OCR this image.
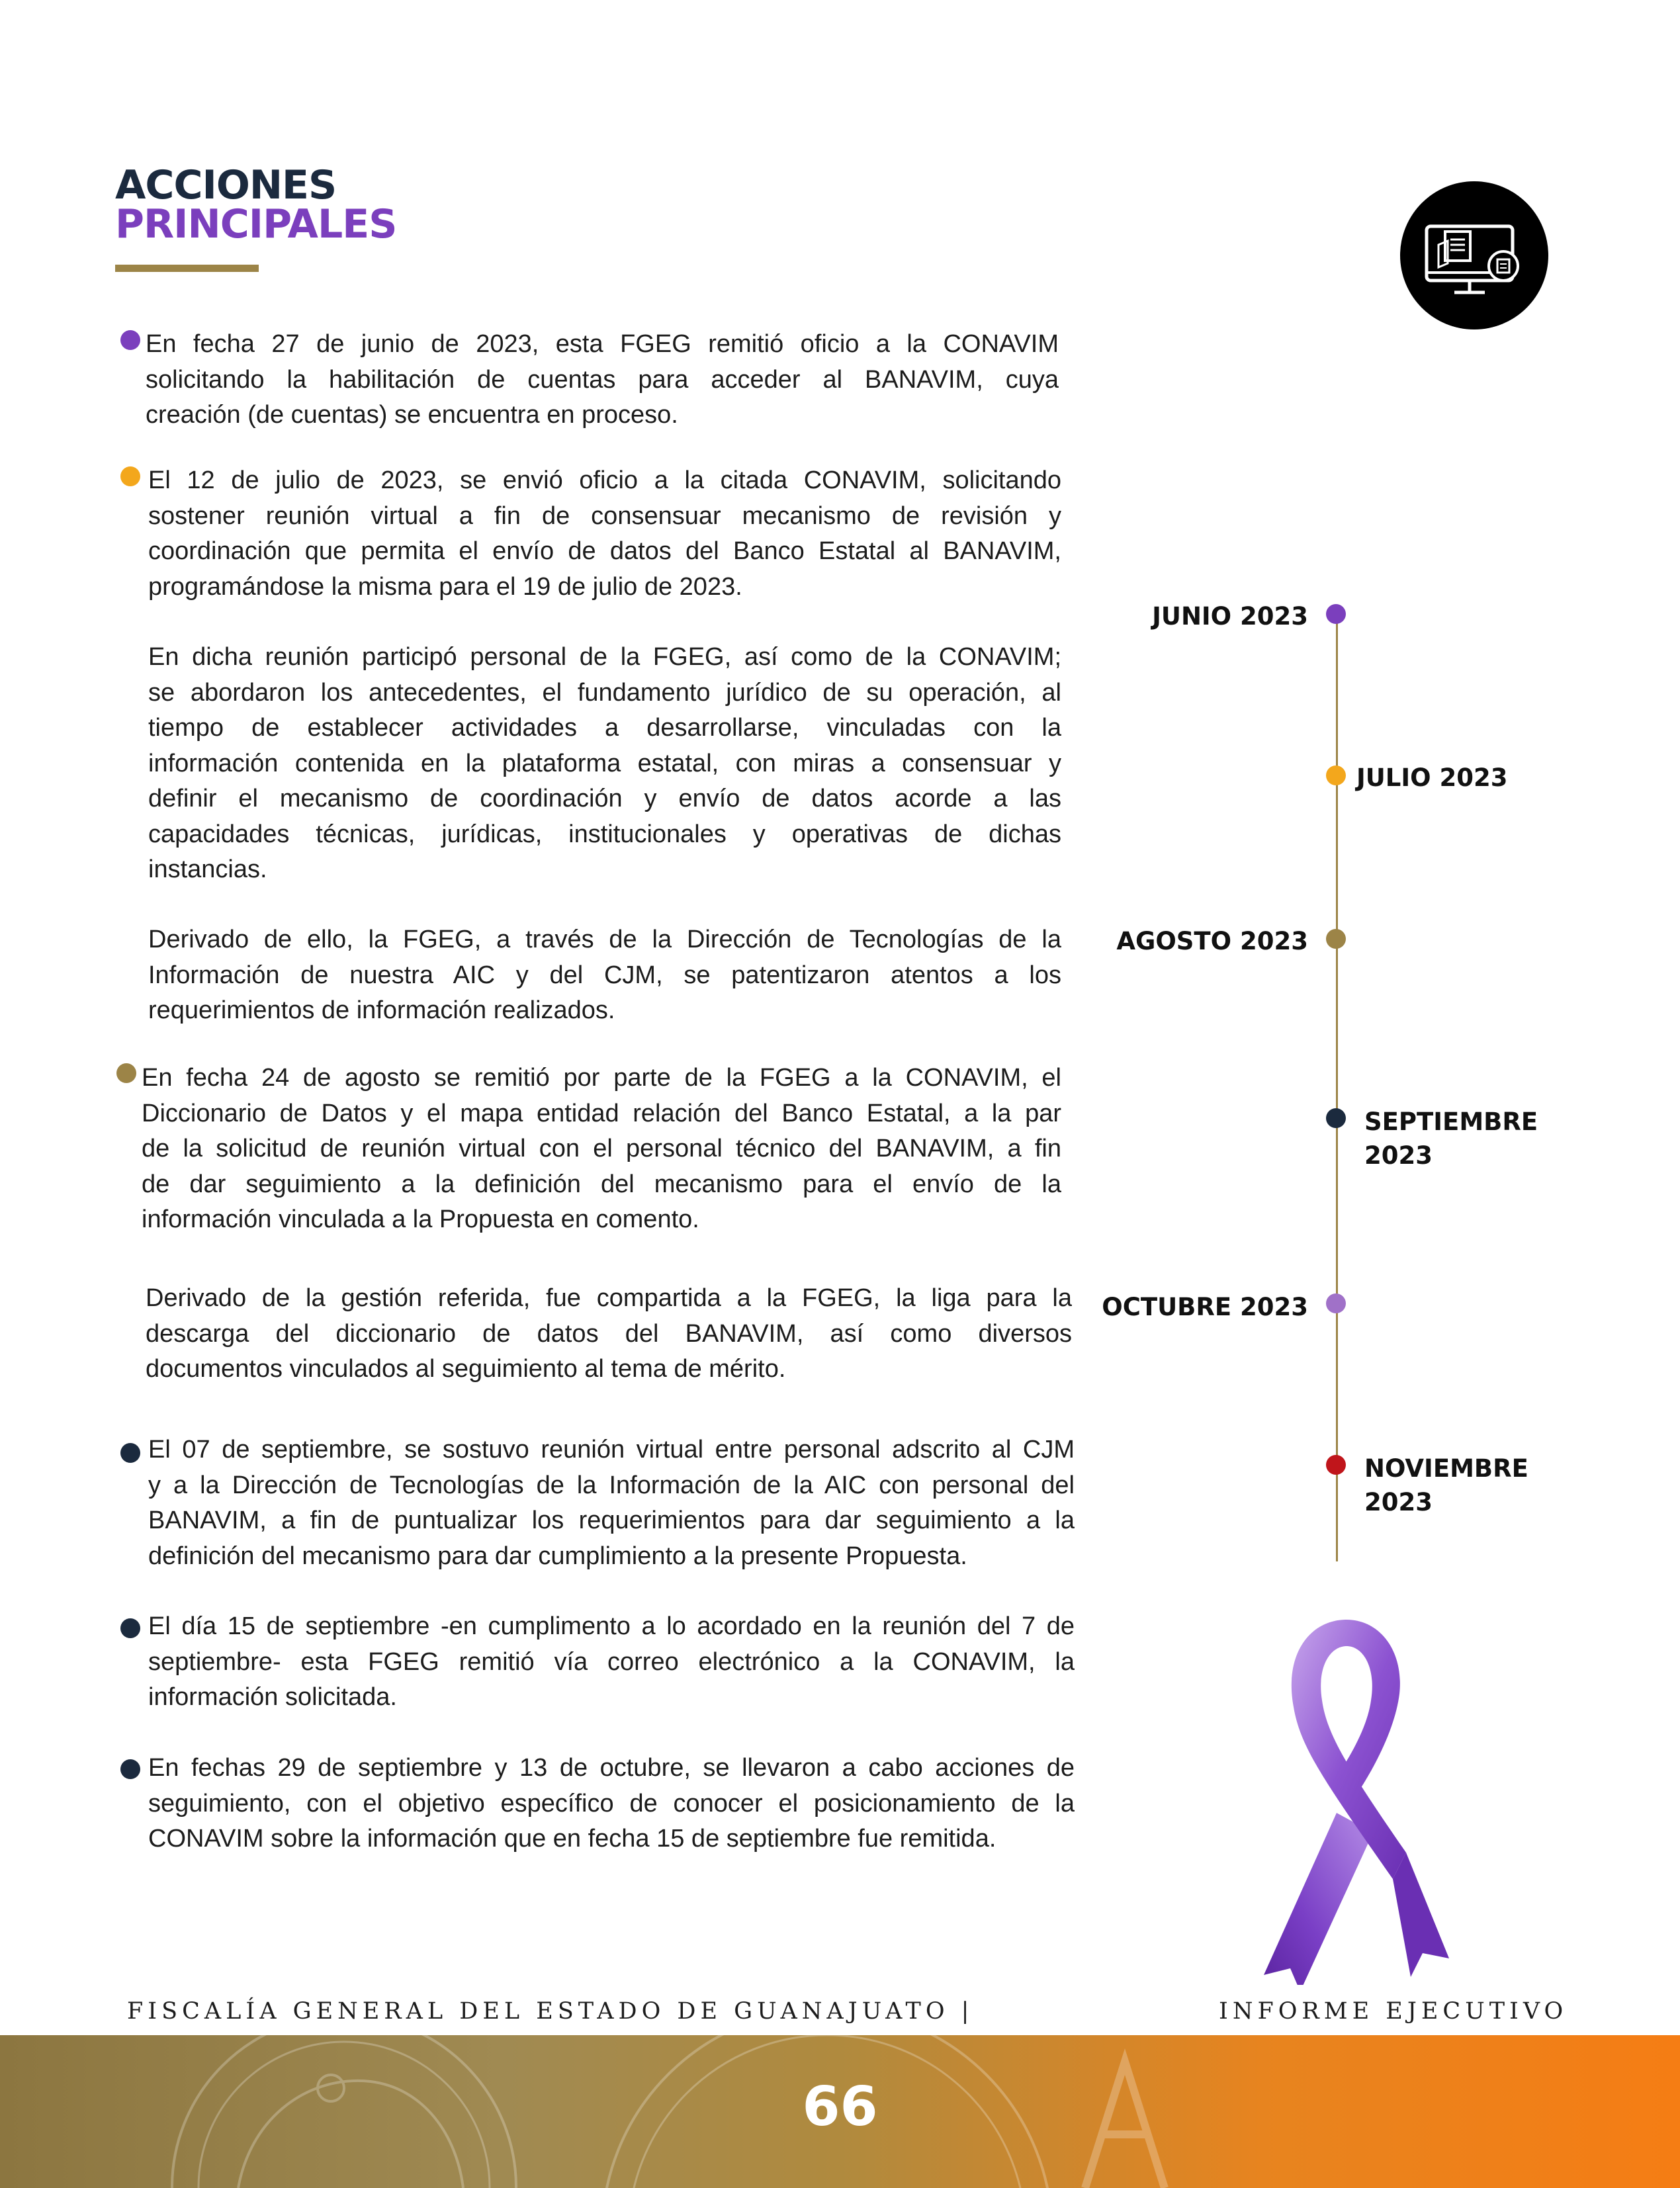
ACCIONES
PRINCIPALES
En fecha 27 de junio de 2023, esta FGEG remitió oficio a la CONAVIM
solicitando la habilitación de cuentas para acceder al BANAVIM, cuya
creación (de cuentas) se encuentra en proceso.
El 12 de julio de 2023, se envió oficio a la citada CONAVIM, solicitando
sostener reunión virtual a fin de consensuar mecanismo de revisión y
coordinación que permita el envío de datos del Banco Estatal al BANAVIM,
programándose la misma para el 19 de julio de 2023.
En dicha reunión participó personal de la FGEG, así como de la CONAVIM;
se abordaron los antecedentes, el fundamento jurídico de su operación, al
tiempo de establecer actividades a desarrollarse, vinculadas con la
información contenida en la plataforma estatal, con miras a consensuar y
definir el mecanismo de coordinación y envío de datos acorde a las
capacidades técnicas, jurídicas, institucionales y operativas de dichas
instancias.
Derivado de ello, la FGEG, a través de la Dirección de Tecnologías de la
Información de nuestra AIC y del CJM, se patentizaron atentos a los
requerimientos de información realizados.
En fecha 24 de agosto se remitió por parte de la FGEG a la CONAVIM, el
Diccionario de Datos y el mapa entidad relación del Banco Estatal, a la par
de la solicitud de reunión virtual con el personal técnico del BANAVIM, a fin
de dar seguimiento a la definición del mecanismo para el envío de la
información vinculada a la Propuesta en comento.
Derivado de la gestión referida, fue compartida a la FGEG, la liga para la
descarga del diccionario de datos del BANAVIM, así como diversos
documentos vinculados al seguimiento al tema de mérito.
El 07 de septiembre, se sostuvo reunión virtual entre personal adscrito al CJM
y a la Dirección de Tecnologías de la Información de la AIC con personal del
BANAVIM, a fin de puntualizar los requerimientos para dar seguimiento a la
definición del mecanismo para dar cumplimiento a la presente Propuesta.
El día 15 de septiembre -en cumplimento a lo acordado en la reunión del 7 de
septiembre- esta FGEG remitió vía correo electrónico a la CONAVIM, la
información solicitada.
En fechas 29 de septiembre y 13 de octubre, se llevaron a cabo acciones de
seguimiento, con el objetivo específico de conocer el posicionamiento de la
CONAVIM sobre la información que en fecha 15 de septiembre fue remitida.
JUNIO 2023
JULIO 2023
AGOSTO 2023
SEPTIEMBRE
2023
OCTUBRE 2023
NOVIEMBRE
2023
FISCALÍA GENERAL DEL ESTADO DE GUANAJUATO |	INFORME EJECUTIVO
66
